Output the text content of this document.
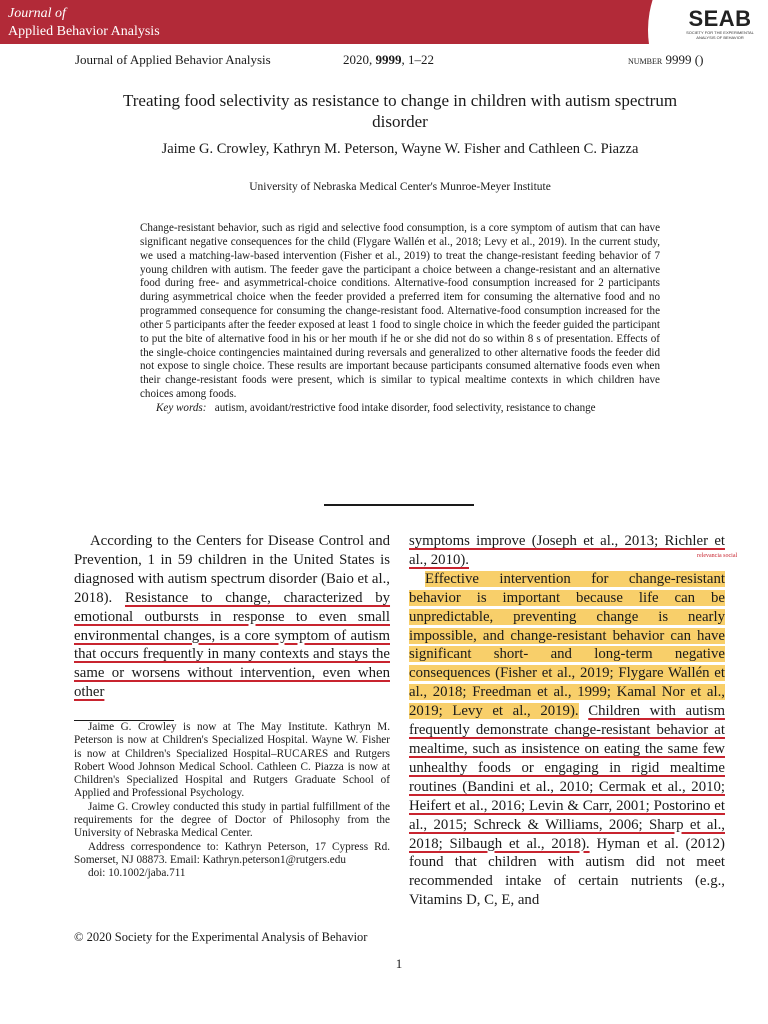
Journal of
Applied Behavior Analysis
SEAB
SOCIETY FOR THE EXPERIMENTAL ANALYSIS OF BEHAVIOR
Journal of Applied Behavior Analysis	2020, 9999, 1–22	number 9999 ()
Treating food selectivity as resistance to change in children with autism spectrum disorder
Jaime G. Crowley, Kathryn M. Peterson, Wayne W. Fisher and Cathleen C. Piazza
University of Nebraska Medical Center's Munroe-Meyer Institute
Change-resistant behavior, such as rigid and selective food consumption, is a core symptom of autism that can have significant negative consequences for the child (Flygare Wallén et al., 2018; Levy et al., 2019). In the current study, we used a matching-law-based intervention (Fisher et al., 2019) to treat the change-resistant feeding behavior of 7 young children with autism. The feeder gave the participant a choice between a change-resistant and an alternative food during free- and asymmetrical-choice conditions. Alternative-food consumption increased for 2 participants during asymmetrical choice when the feeder provided a preferred item for consuming the alternative food and no programmed consequence for consuming the change-resistant food. Alternative-food consumption increased for the other 5 participants after the feeder exposed at least 1 food to single choice in which the feeder guided the participant to put the bite of alternative food in his or her mouth if he or she did not do so within 8 s of presentation. Effects of the single-choice contingencies maintained during reversals and generalized to other alternative foods the feeder did not expose to single choice. These results are important because participants consumed alternative foods even when their change-resistant foods were present, which is similar to typical mealtime contexts in which children have choices among foods.

Key words: autism, avoidant/restrictive food intake disorder, food selectivity, resistance to change

According to the Centers for Disease Control and Prevention, 1 in 59 children in the United States is diagnosed with autism spectrum disorder (Baio et al., 2018). Resistance to change, characterized by emotional outbursts in response to even small environmental changes, is a core symptom of autism that occurs frequently in many contexts and stays the same or worsens without intervention, even when other

symptoms improve (Joseph et al., 2013; Richler et al., 2010).

Effective intervention for change-resistant behavior is important because life can be unpredictable, preventing change is nearly impossible, and change-resistant behavior can have significant short- and long-term negative consequences (Fisher et al., 2019; Flygare Wallén et al., 2018; Freedman et al., 1999; Kamal Nor et al., 2019; Levy et al., 2019). Children with autism frequently demonstrate change-resistant behavior at mealtime, such as insistence on eating the same few unhealthy foods or engaging in rigid mealtime routines (Bandini et al., 2010; Cermak et al., 2010; Heifert et al., 2016; Levin & Carr, 2001; Postorino et al., 2015; Schreck & Williams, 2006; Sharp et al., 2018; Silbaugh et al., 2018). Hyman et al. (2012) found that children with autism did not meet recommended intake of certain nutrients (e.g., Vitamins D, C, E, and

relevancia social

Jaime G. Crowley is now at The May Institute. Kathryn M. Peterson is now at Children's Specialized Hospital. Wayne W. Fisher is now at Children's Specialized Hospital–RUCARES and Rutgers Robert Wood Johnson Medical School. Cathleen C. Piazza is now at Children's Specialized Hospital and Rutgers Graduate School of Applied and Professional Psychology.

Jaime G. Crowley conducted this study in partial fulfillment of the requirements for the degree of Doctor of Philosophy from the University of Nebraska Medical Center.

Address correspondence to: Kathryn Peterson, 17 Cypress Rd. Somerset, NJ 08873. Email: Kathryn.peterson1@rutgers.edu

doi: 10.1002/jaba.711

© 2020 Society for the Experimental Analysis of Behavior
1
